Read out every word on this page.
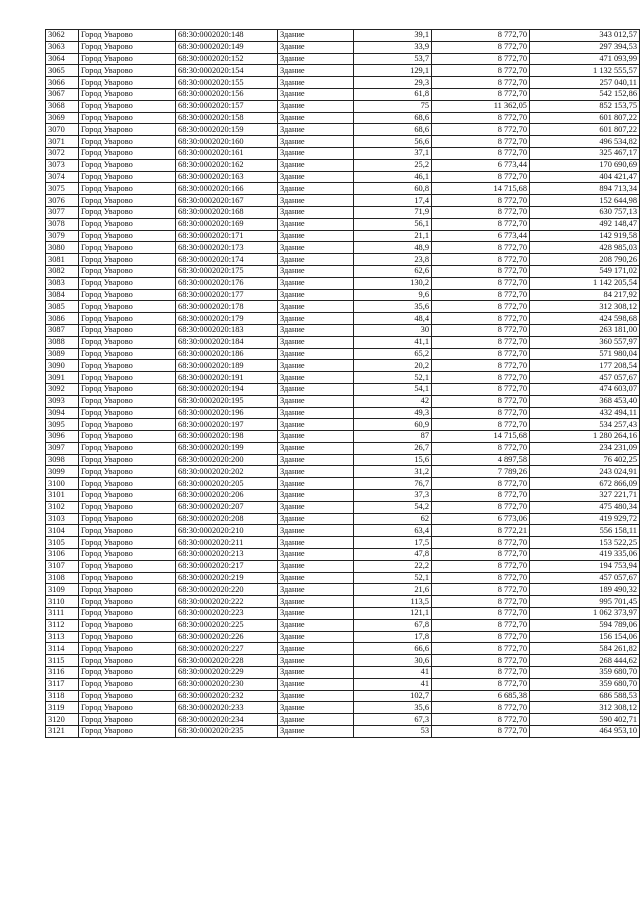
3062	Город Уварово	68:30:0002020:148	Здание	39,1	8 772,70	343 012,57
3063	Город Уварово	68:30:0002020:149	Здание	33,9	8 772,70	297 394,53
3064	Город Уварово	68:30:0002020:152	Здание	53,7	8 772,70	471 093,99
3065	Город Уварово	68:30:0002020:154	Здание	129,1	8 772,70	1 132 555,57
3066	Город Уварово	68:30:0002020:155	Здание	29,3	8 772,70	257 040,11
3067	Город Уварово	68:30:0002020:156	Здание	61,8	8 772,70	542 152,86
3068	Город Уварово	68:30:0002020:157	Здание	75	11 362,05	852 153,75
3069	Город Уварово	68:30:0002020:158	Здание	68,6	8 772,70	601 807,22
3070	Город Уварово	68:30:0002020:159	Здание	68,6	8 772,70	601 807,22
3071	Город Уварово	68:30:0002020:160	Здание	56,6	8 772,70	496 534,82
3072	Город Уварово	68:30:0002020:161	Здание	37,1	8 772,70	325 467,17
3073	Город Уварово	68:30:0002020:162	Здание	25,2	6 773,44	170 690,69
3074	Город Уварово	68:30:0002020:163	Здание	46,1	8 772,70	404 421,47
3075	Город Уварово	68:30:0002020:166	Здание	60,8	14 715,68	894 713,34
3076	Город Уварово	68:30:0002020:167	Здание	17,4	8 772,70	152 644,98
3077	Город Уварово	68:30:0002020:168	Здание	71,9	8 772,70	630 757,13
3078	Город Уварово	68:30:0002020:169	Здание	56,1	8 772,70	492 148,47
3079	Город Уварово	68:30:0002020:171	Здание	21,1	6 773,44	142 919,58
3080	Город Уварово	68:30:0002020:173	Здание	48,9	8 772,70	428 985,03
3081	Город Уварово	68:30:0002020:174	Здание	23,8	8 772,70	208 790,26
3082	Город Уварово	68:30:0002020:175	Здание	62,6	8 772,70	549 171,02
3083	Город Уварово	68:30:0002020:176	Здание	130,2	8 772,70	1 142 205,54
3084	Город Уварово	68:30:0002020:177	Здание	9,6	8 772,70	84 217,92
3085	Город Уварово	68:30:0002020:178	Здание	35,6	8 772,70	312 308,12
3086	Город Уварово	68:30:0002020:179	Здание	48,4	8 772,70	424 598,68
3087	Город Уварово	68:30:0002020:183	Здание	30	8 772,70	263 181,00
3088	Город Уварово	68:30:0002020:184	Здание	41,1	8 772,70	360 557,97
3089	Город Уварово	68:30:0002020:186	Здание	65,2	8 772,70	571 980,04
3090	Город Уварово	68:30:0002020:189	Здание	20,2	8 772,70	177 208,54
3091	Город Уварово	68:30:0002020:191	Здание	52,1	8 772,70	457 057,67
3092	Город Уварово	68:30:0002020:194	Здание	54,1	8 772,70	474 603,07
3093	Город Уварово	68:30:0002020:195	Здание	42	8 772,70	368 453,40
3094	Город Уварово	68:30:0002020:196	Здание	49,3	8 772,70	432 494,11
3095	Город Уварово	68:30:0002020:197	Здание	60,9	8 772,70	534 257,43
3096	Город Уварово	68:30:0002020:198	Здание	87	14 715,68	1 280 264,16
3097	Город Уварово	68:30:0002020:199	Здание	26,7	8 772,70	234 231,09
3098	Город Уварово	68:30:0002020:200	Здание	15,6	4 897,58	76 402,25
3099	Город Уварово	68:30:0002020:202	Здание	31,2	7 789,26	243 024,91
3100	Город Уварово	68:30:0002020:205	Здание	76,7	8 772,70	672 866,09
3101	Город Уварово	68:30:0002020:206	Здание	37,3	8 772,70	327 221,71
3102	Город Уварово	68:30:0002020:207	Здание	54,2	8 772,70	475 480,34
3103	Город Уварово	68:30:0002020:208	Здание	62	6 773,06	419 929,72
3104	Город Уварово	68:30:0002020:210	Здание	63,4	8 772,21	556 158,11
3105	Город Уварово	68:30:0002020:211	Здание	17,5	8 772,70	153 522,25
3106	Город Уварово	68:30:0002020:213	Здание	47,8	8 772,70	419 335,06
3107	Город Уварово	68:30:0002020:217	Здание	22,2	8 772,70	194 753,94
3108	Город Уварово	68:30:0002020:219	Здание	52,1	8 772,70	457 057,67
3109	Город Уварово	68:30:0002020:220	Здание	21,6	8 772,70	189 490,32
3110	Город Уварово	68:30:0002020:222	Здание	113,5	8 772,70	995 701,45
3111	Город Уварово	68:30:0002020:223	Здание	121,1	8 772,70	1 062 373,97
3112	Город Уварово	68:30:0002020:225	Здание	67,8	8 772,70	594 789,06
3113	Город Уварово	68:30:0002020:226	Здание	17,8	8 772,70	156 154,06
3114	Город Уварово	68:30:0002020:227	Здание	66,6	8 772,70	584 261,82
3115	Город Уварово	68:30:0002020:228	Здание	30,6	8 772,70	268 444,62
3116	Город Уварово	68:30:0002020:229	Здание	41	8 772,70	359 680,70
3117	Город Уварово	68:30:0002020:230	Здание	41	8 772,70	359 680,70
3118	Город Уварово	68:30:0002020:232	Здание	102,7	6 685,38	686 588,53
3119	Город Уварово	68:30:0002020:233	Здание	35,6	8 772,70	312 308,12
3120	Город Уварово	68:30:0002020:234	Здание	67,3	8 772,70	590 402,71
3121	Город Уварово	68:30:0002020:235	Здание	53	8 772,70	464 953,10
